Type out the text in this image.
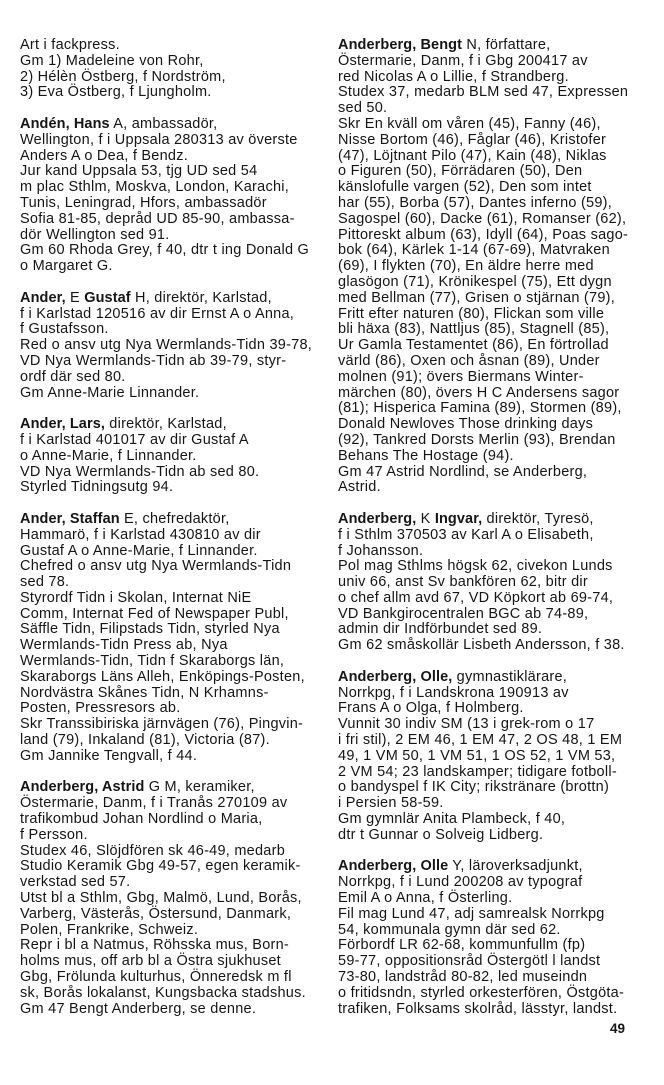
Art i fackpress.
Gm 1) Madeleine von Rohr,
2) Hélèn Östberg, f Nordström,
3) Eva Östberg, f Ljungholm.
Andén, Hans A, ambassadör,
Wellington, f i Uppsala 280313 av överste
Anders A o Dea, f Bendz.
Jur kand Uppsala 53, tjg UD sed 54
m plac Sthlm, Moskva, London, Karachi,
Tunis, Leningrad, Hfors, ambassadör
Sofia 81-85, depråd UD 85-90, ambassa-
dör Wellington sed 91.
Gm 60 Rhoda Grey, f 40, dtr t ing Donald G
o Margaret G.
Ander, E Gustaf H, direktör, Karlstad,
f i Karlstad 120516 av dir Ernst A o Anna,
f Gustafsson.
Red o ansv utg Nya Wermlands-Tidn 39-78,
VD Nya Wermlands-Tidn ab 39-79, styr-
ordf där sed 80.
Gm Anne-Marie Linnander.
Ander, Lars, direktör, Karlstad,
f i Karlstad 401017 av dir Gustaf A
o Anne-Marie, f Linnander.
VD Nya Wermlands-Tidn ab sed 80.
Styrled Tidningsutg 94.
Ander, Staffan E, chefredaktör,
Hammarö, f i Karlstad 430810 av dir
Gustaf A o Anne-Marie, f Linnander.
Chefred o ansv utg Nya Wermlands-Tidn
sed 78.
Styrordf Tidn i Skolan, Internat NiE
Comm, Internat Fed of Newspaper Publ,
Säffle Tidn, Filipstads Tidn, styrled Nya
Wermlands-Tidn Press ab, Nya
Wermlands-Tidn, Tidn f Skaraborgs län,
Skaraborgs Läns Alleh, Enköpings-Posten,
Nordvästra Skånes Tidn, N Krhamns-
Posten, Pressresors ab.
Skr Transsibiriska järnvägen (76), Pingvin-
land (79), Inkaland (81), Victoria (87).
Gm Jannike Tengvall, f 44.
Anderberg, Astrid G M, keramiker,
Östermarie, Danm, f i Tranås 270109 av
trafikombud Johan Nordlind o Maria,
f Persson.
Studex 46, Slöjdfören sk 46-49, medarb
Studio Keramik Gbg 49-57, egen keramik-
verkstad sed 57.
Utst bl a Sthlm, Gbg, Malmö, Lund, Borås,
Varberg, Västerås, Östersund, Danmark,
Polen, Frankrike, Schweiz.
Repr i bl a Natmus, Röhsska mus, Born-
holms mus, off arb bl a Östra sjukhuset
Gbg, Frölunda kulturhus, Önneredsk m fl
sk, Borås lokalanst, Kungsbacka stadshus.
Gm 47 Bengt Anderberg, se denne.
Anderberg, Bengt N, författare,
Östermarie, Danm, f i Gbg 200417 av
red Nicolas A o Lillie, f Strandberg.
Studex 37, medarb BLM sed 47, Expressen
sed 50.
Skr En kväll om våren (45), Fanny (46),
Nisse Bortom (46), Fåglar (46), Kristofer
(47), Löjtnant Pilo (47), Kain (48), Niklas
o Figuren (50), Förrädaren (50), Den
känslofulle vargen (52), Den som intet
har (55), Borba (57), Dantes inferno (59),
Sagospel (60), Dacke (61), Romanser (62),
Pittoreskt album (63), Idyll (64), Poas sago-
bok (64), Kärlek 1-14 (67-69), Matvraken
(69), I flykten (70), En äldre herre med
glasögon (71), Krönikespel (75), Ett dygn
med Bellman (77), Grisen o stjärnan (79),
Fritt efter naturen (80), Flickan som ville
bli häxa (83), Nattljus (85), Stagnell (85),
Ur Gamla Testamentet (86), En förtrollad
värld (86), Oxen och åsnan (89), Under
molnen (91); övers Biermans Winter-
märchen (80), övers H C Andersens sagor
(81); Hisperica Famina (89), Stormen (89),
Donald Newloves Those drinking days
(92), Tankred Dorsts Merlin (93), Brendan
Behans The Hostage (94).
Gm 47 Astrid Nordlind, se Anderberg,
Astrid.
Anderberg, K Ingvar, direktör, Tyresö,
f i Sthlm 370503 av Karl A o Elisabeth,
f Johansson.
Pol mag Sthlms högsk 62, civekon Lunds
univ 66, anst Sv bankfören 62, bitr dir
o chef allm avd 67, VD Köpkort ab 69-74,
VD Bankgirocentralen BGC ab 74-89,
admin dir Indförbundet sed 89.
Gm 62 småskollär Lisbeth Andersson, f 38.
Anderberg, Olle, gymnastiklärare,
Norrkpg, f i Landskrona 190913 av
Frans A o Olga, f Holmberg.
Vunnit 30 indiv SM (13 i grek-rom o 17
i fri stil), 2 EM 46, 1 EM 47, 2 OS 48, 1 EM
49, 1 VM 50, 1 VM 51, 1 OS 52, 1 VM 53,
2 VM 54; 23 landskamper; tidigare fotboll-
o bandyspel f IK City; rikstränare (brottn)
i Persien 58-59.
Gm gymnlär Anita Plambeck, f 40,
dtr t Gunnar o Solveig Lidberg.
Anderberg, Olle Y, läroverksadjunkt,
Norrkpg, f i Lund 200208 av typograf
Emil A o Anna, f Österling.
Fil mag Lund 47, adj samrealsk Norrkpg
54, kommunala gymn där sed 62.
Förbordf LR 62-68, kommunfullm (fp)
59-77, oppositionsråd Östergötl l landst
73-80, landstråd 80-82, led museindn
o fritidsndn, styrled orkesterfören, Östgöta-
trafiken, Folksams skolråd, lässtyr, landst.
49
